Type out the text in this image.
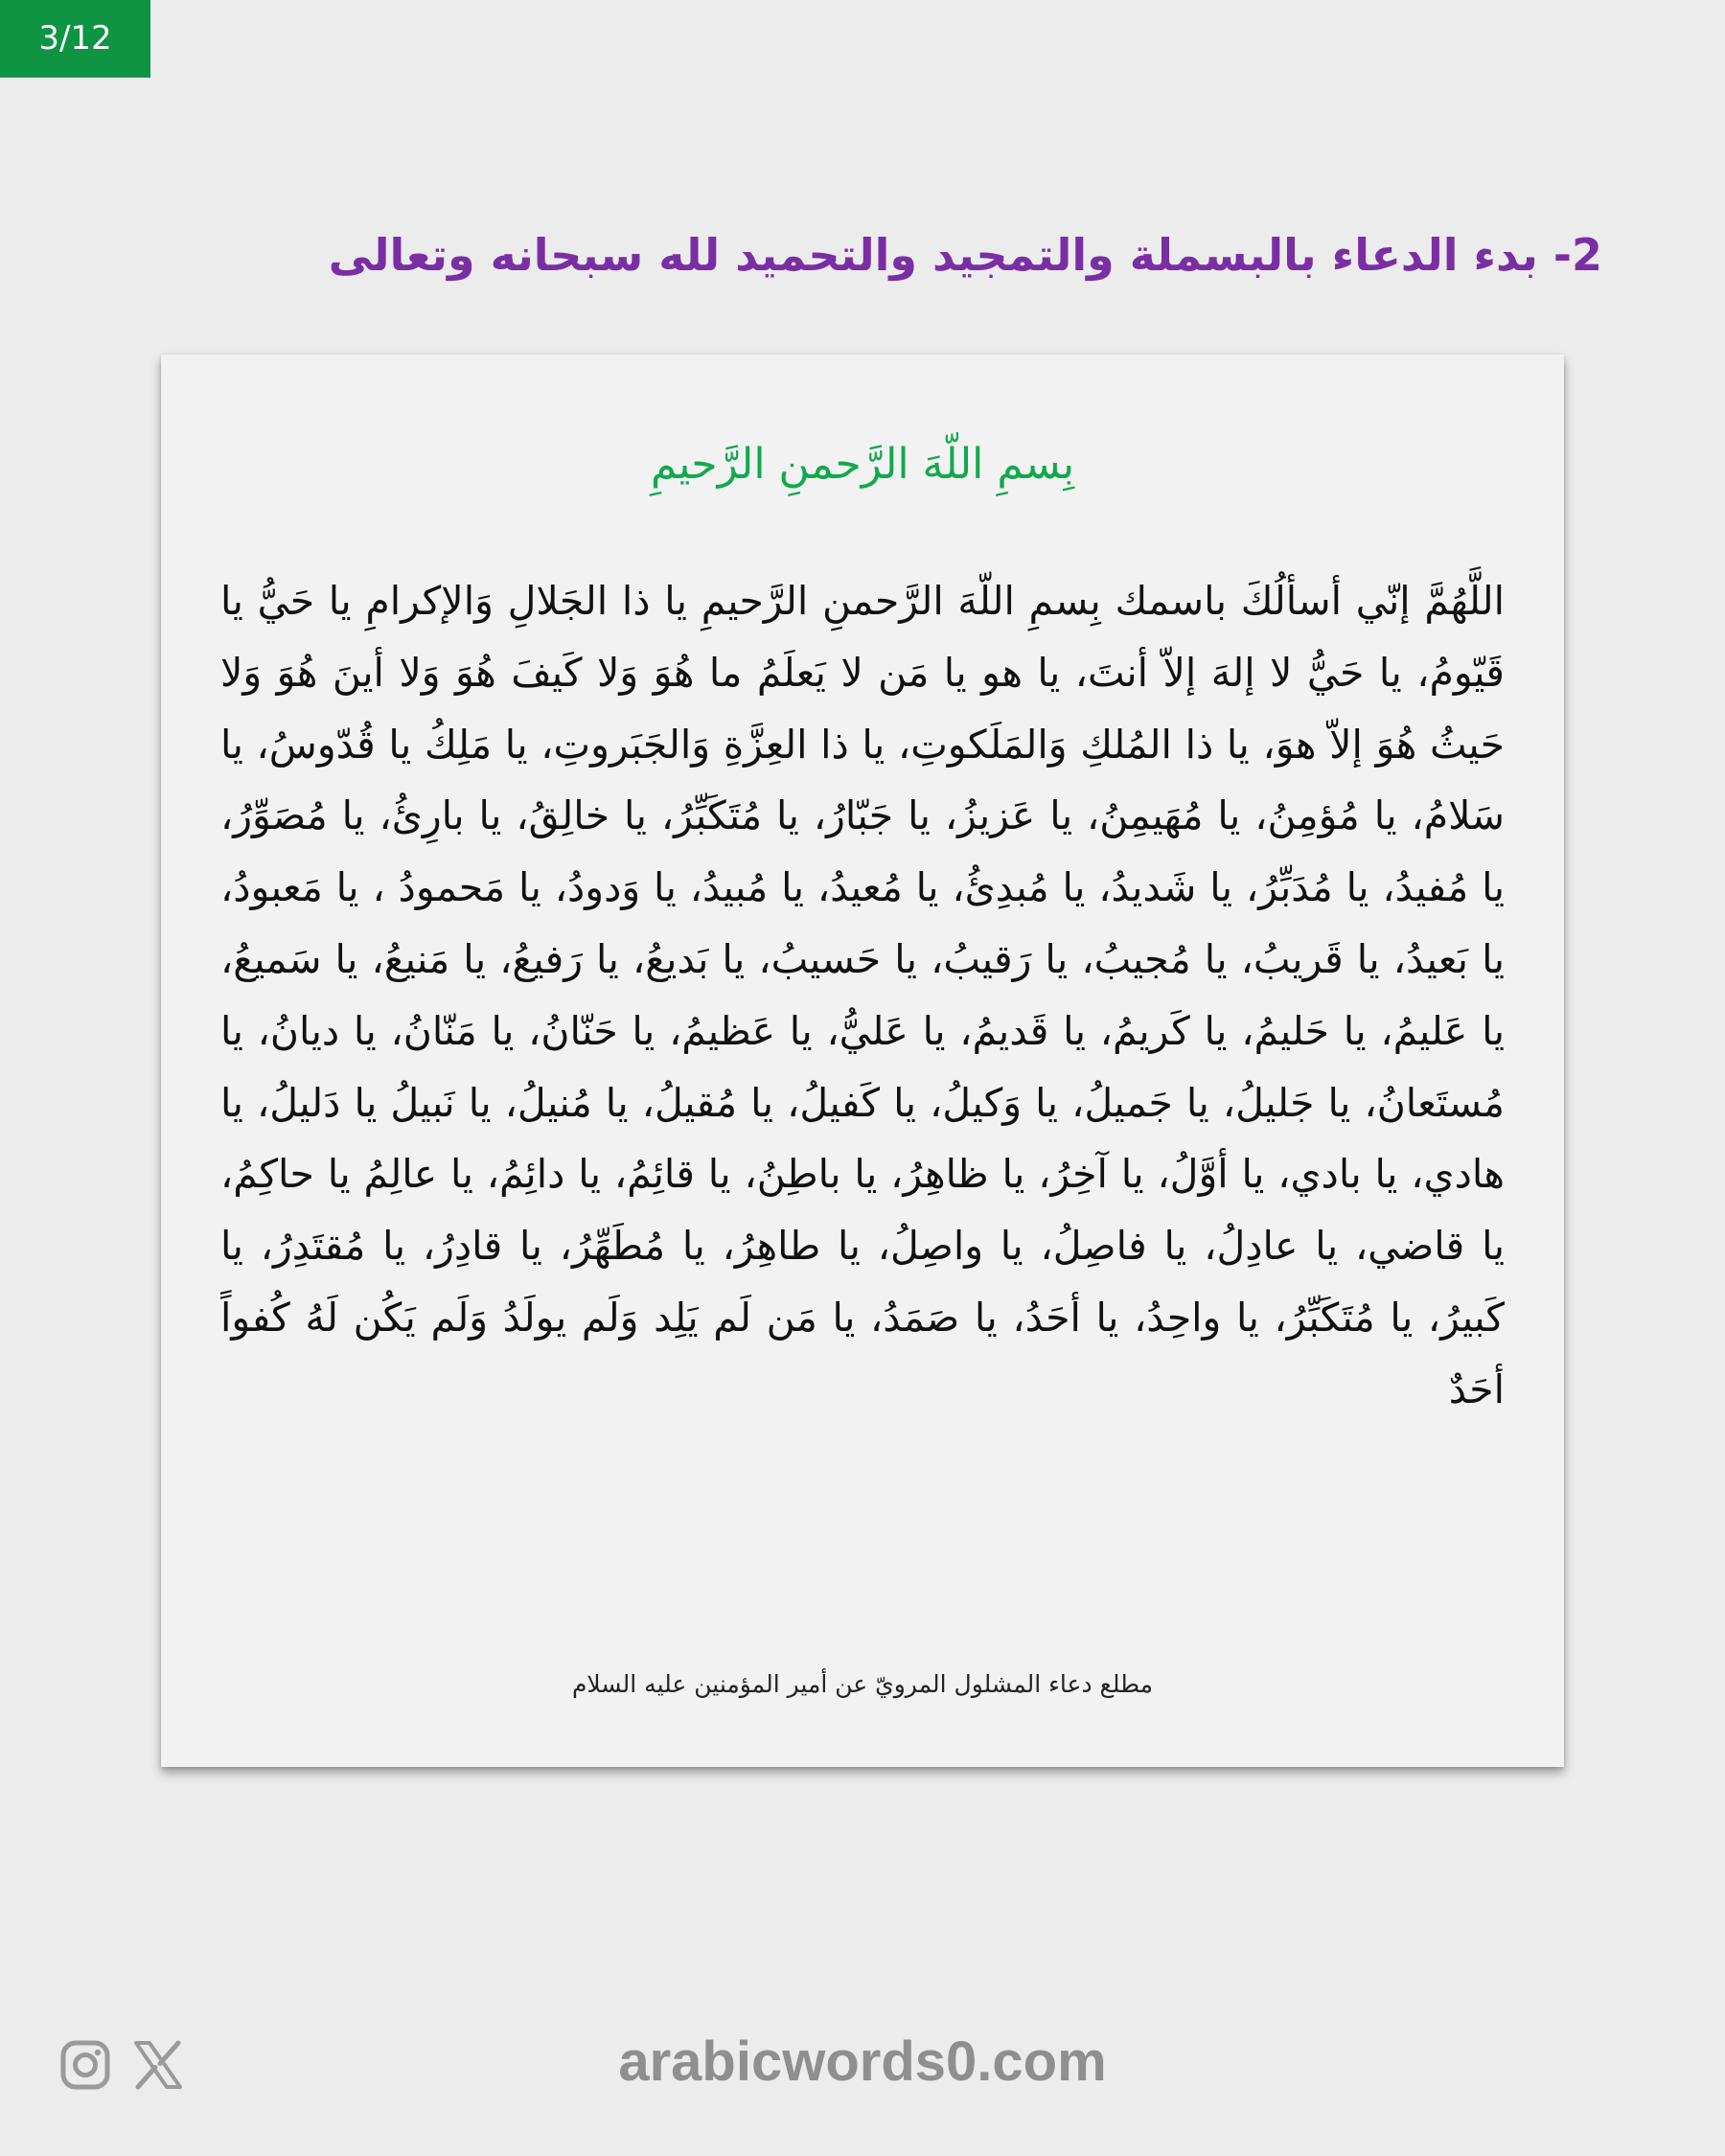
3/12
2- بدء الدعاء بالبسملة والتمجيد والتحميد لله سبحانه وتعالى
بِسمِ اللّهَ الرَّحمنِ الرَّحيمِ

اللَّهُمَّ إنّي أسألُكَ باسمك بِسمِ اللّهَ الرَّحمنِ الرَّحيمِ يا ذا الجَلالِ وَالإكرامِ يا حَيُّ يا قَيّومُ، يا حَيُّ لا إلهَ إلاّ أنتَ، يا هو يا مَن لا يَعلَمُ ما هُوَ وَلا كَيفَ هُوَ وَلا أينَ هُوَ وَلا حَيثُ هُوَ إلاّ هوَ، يا ذا المُلكِ وَالمَلَكوتِ، يا ذا العِزَّةِ وَالجَبَروتِ، يا مَلِكُ يا قُدّوسُ، يا سَلامُ، يا مُؤمِنُ، يا مُهَيمِنُ، يا عَزيزُ، يا جَبّارُ، يا مُتَكَبِّرُ، يا خالِقُ، يا بارِئُ، يا مُصَوِّرُ، يا مُفيدُ، يا مُدَبِّرُ، يا شَديدُ، يا مُبدِئُ، يا مُعيدُ، يا مُبيدُ، يا وَدودُ، يا مَحمودُ ، يا مَعبودُ، يا بَعيدُ، يا قَريبُ، يا مُجيبُ، يا رَقيبُ، يا حَسيبُ، يا بَديعُ، يا رَفيعُ، يا مَنيعُ، يا سَميعُ، يا عَليمُ، يا حَليمُ، يا كَريمُ، يا قَديمُ، يا عَليُّ، يا عَظيمُ، يا حَنّانُ، يا مَنّانُ، يا ديانُ، يا مُستَعانُ، يا جَليلُ، يا جَميلُ، يا وَكيلُ، يا كَفيلُ، يا مُقيلُ، يا مُنيلُ، يا نَبيلُ يا دَليلُ، يا هادي، يا بادي، يا أوَّلُ، يا آخِرُ، يا ظاهِرُ، يا باطِنُ، يا قائِمُ، يا دائِمُ، يا عالِمُ يا حاكِمُ، يا قاضي، يا عادِلُ، يا فاصِلُ، يا واصِلُ، يا طاهِرُ، يا مُطَهِّرُ، يا قادِرُ، يا مُقتَدِرُ، يا كَبيرُ، يا مُتَكَبِّرُ، يا واحِدُ، يا أحَدُ، يا صَمَدُ، يا مَن لَم يَلِد وَلَم يولَدُ وَلَم يَكُن لَهُ كُفواً أحَدٌ

مطلع دعاء المشلول المرويّ عن أمير المؤمنين عليه السلام
arabicwords0.com
